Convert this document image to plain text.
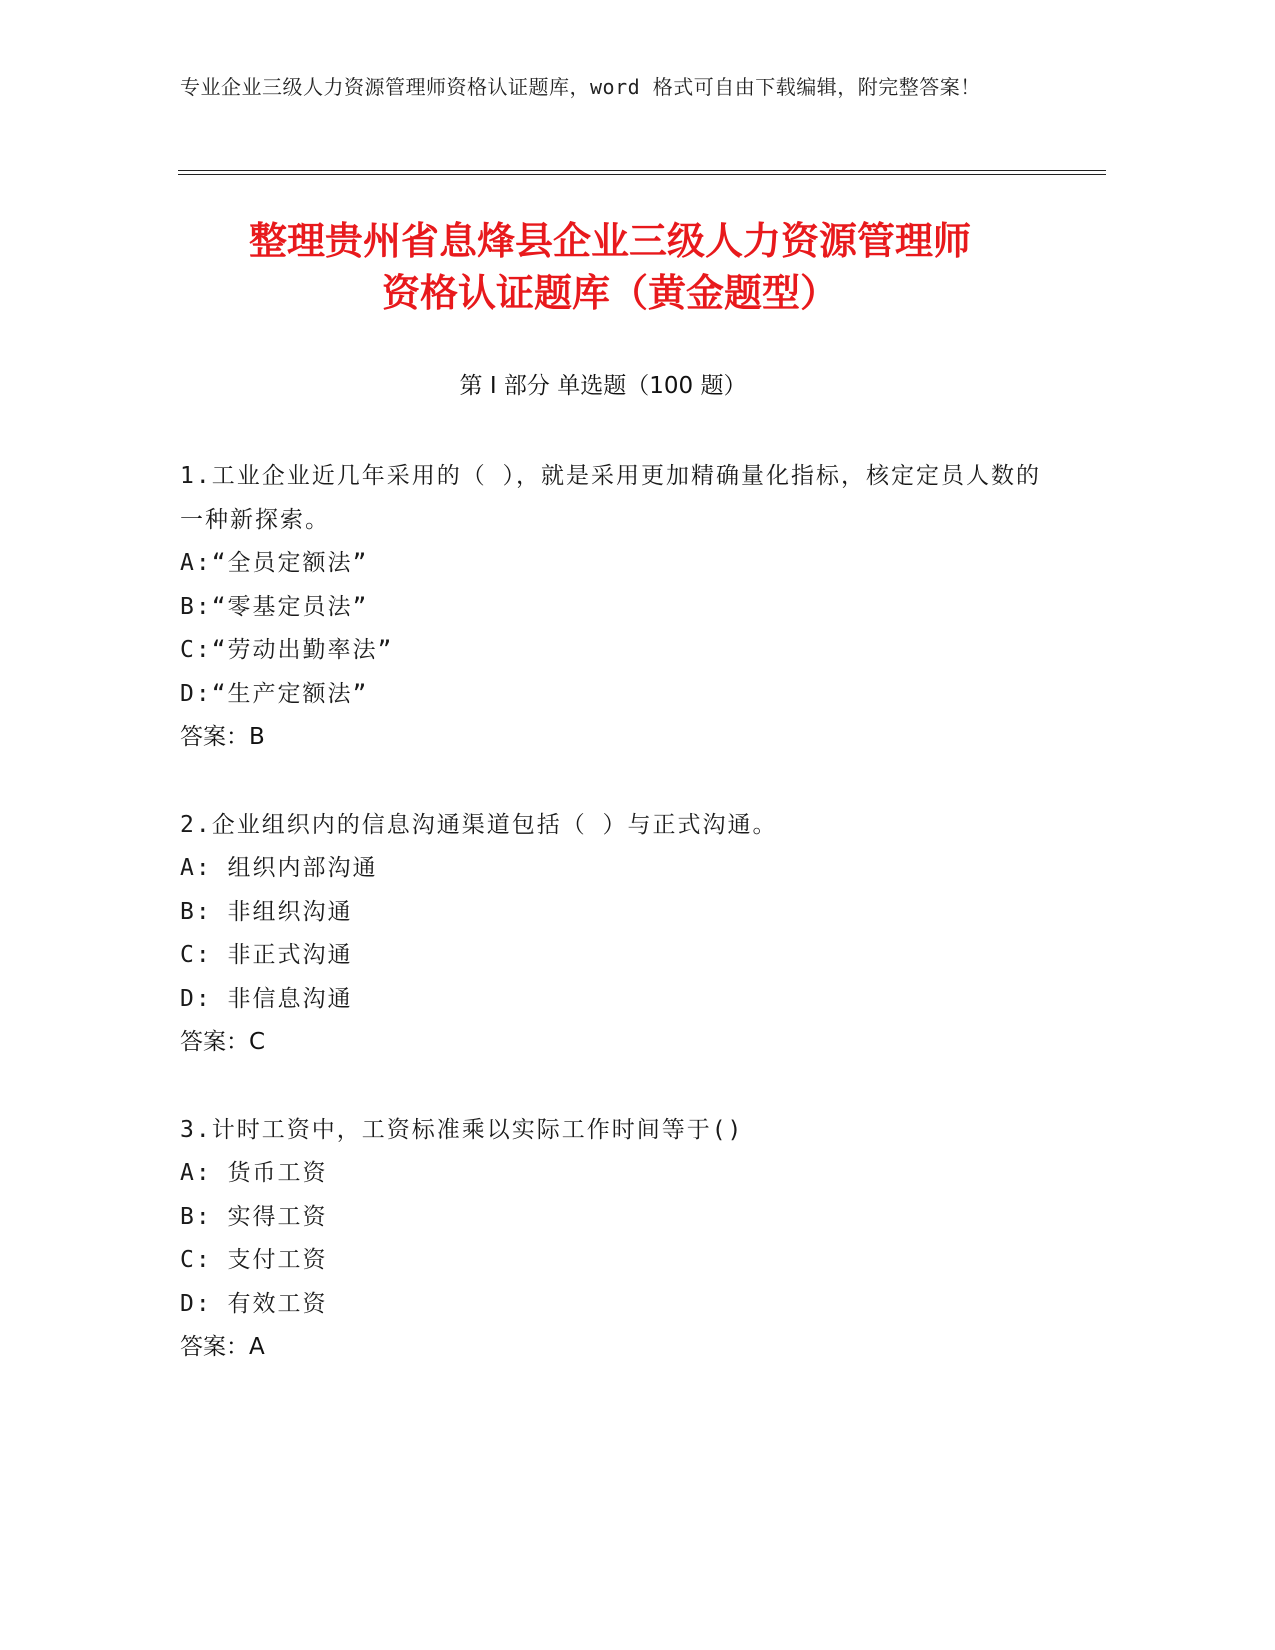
专业企业三级人力资源管理师资格认证题库，word 格式可自由下载编辑，附完整答案！
整理贵州省息烽县企业三级人力资源管理师
资格认证题库（黄金题型）
第 I 部分 单选题（100 题）
1.工业企业近几年采用的（ ），就是采用更加精确量化指标，核定定员人数的一种新探索。
A:“全员定额法”
B:“零基定员法”
C:“劳动出勤率法”
D:“生产定额法”
答案：B
2.企业组织内的信息沟通渠道包括（ ）与正式沟通。
A: 组织内部沟通
B: 非组织沟通
C: 非正式沟通
D: 非信息沟通
答案：C
3.计时工资中，工资标准乘以实际工作时间等于()
A: 货币工资
B: 实得工资
C: 支付工资
D: 有效工资
答案：A
